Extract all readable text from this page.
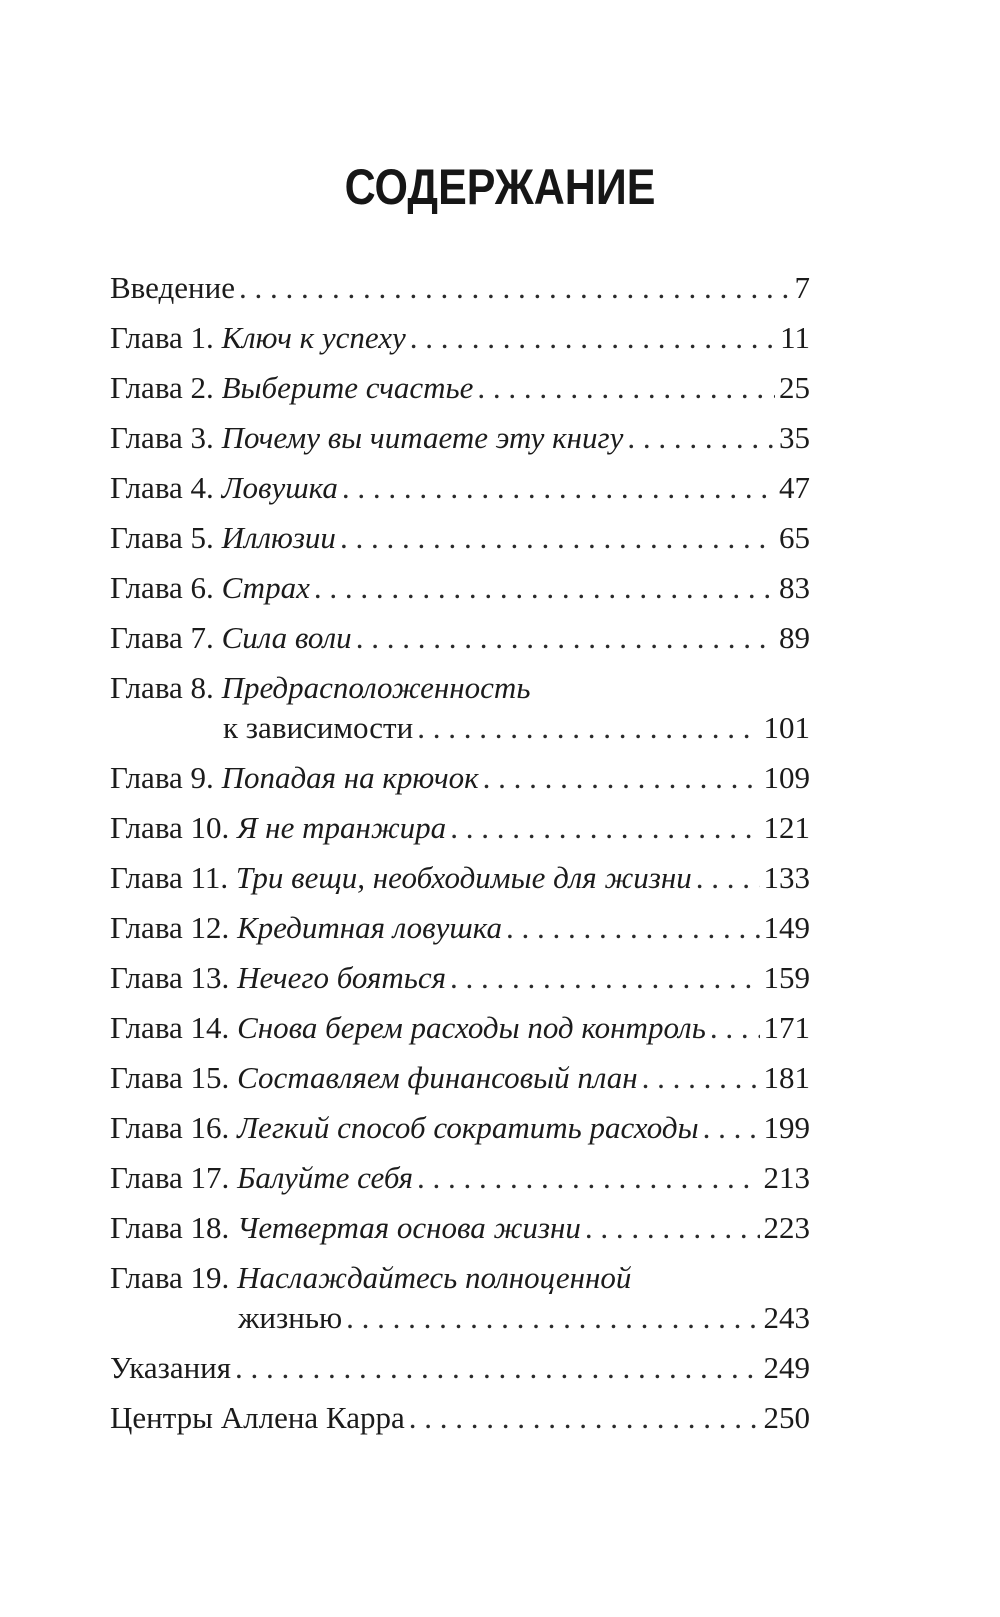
СОДЕРЖАНИЕ
Введение . . .	7
Глава 1. Ключ к успеху . . .	11
Глава 2. Выберите счастье . . .	25
Глава 3. Почему вы читаете эту книгу . . .	35
Глава 4. Ловушка . . .	47
Глава 5. Иллюзии . . .	65
Глава 6. Страх . . .	83
Глава 7. Сила воли . . .	89
Глава 8. Предрасположенность
к зависимости . . .	101
Глава 9. Попадая на крючок . . .	109
Глава 10. Я не транжира . . .	121
Глава 11. Три вещи, необходимые для жизни . . . 133
Глава 12. Кредитная ловушка . . .	149
Глава 13. Нечего бояться . . .	159
Глава 14. Снова берем расходы под контроль . . . 171
Глава 15. Составляем финансовый план . . .	181
Глава 16. Легкий способ сократить расходы . . . 199
Глава 17. Балуйте себя . . .	213
Глава 18. Четвертая основа жизни . . .	223
Глава 19. Наслаждайтесь полноценной
жизнью . . .	243
Указания . . .	249
Центры Аллена Карра . . .	250
